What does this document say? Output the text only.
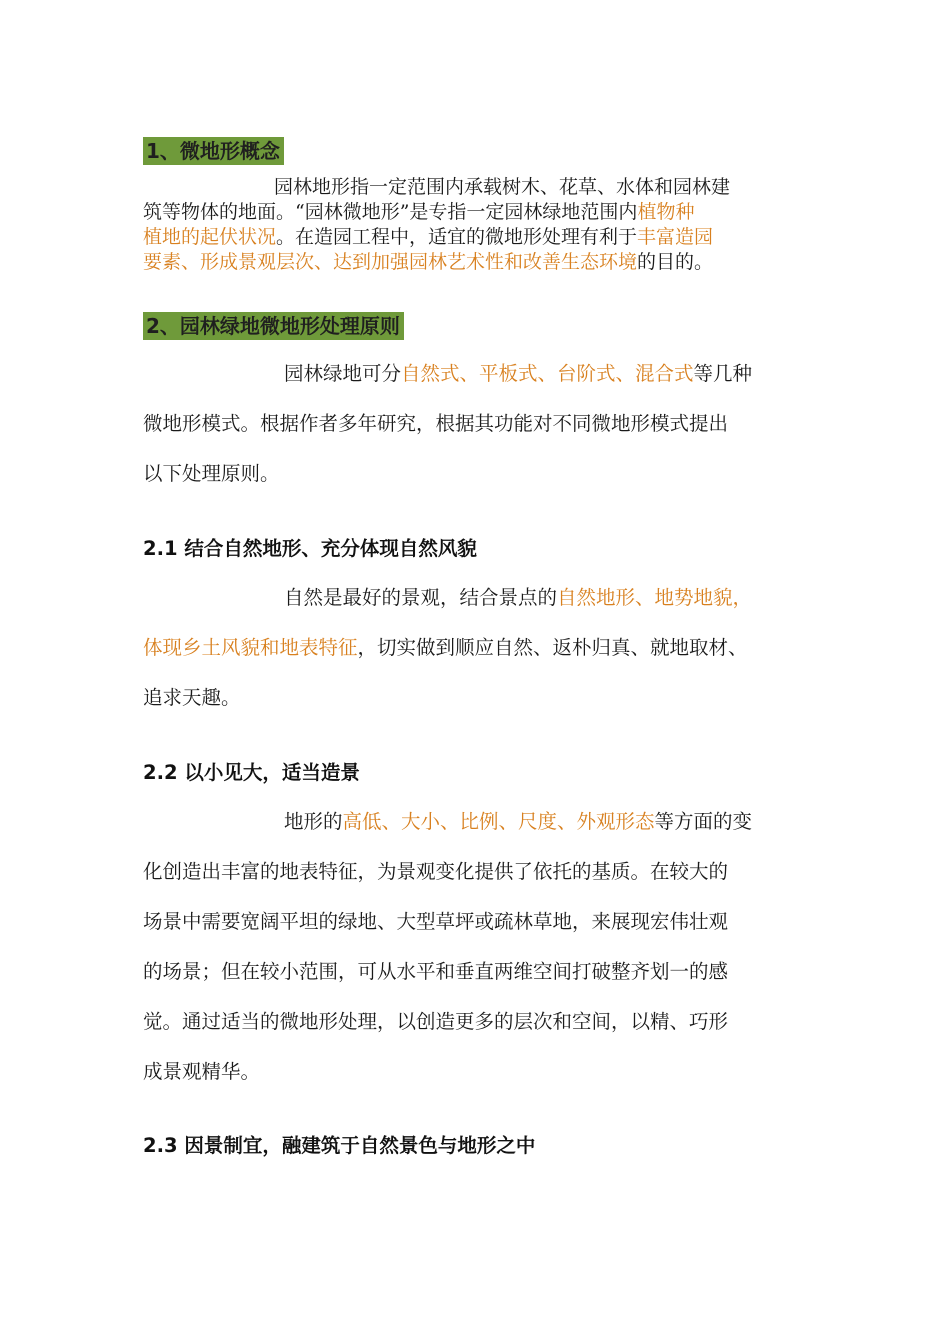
1、微地形概念
园林地形指一定范围内承载树木、花草、水体和园林建
筑等物体的地面。“园林微地形”是专指一定园林绿地范围内植物种
植地的起伏状况。在造园工程中，适宜的微地形处理有利于丰富造园
要素、形成景观层次、达到加强园林艺术性和改善生态环境的目的。
2、园林绿地微地形处理原则
园林绿地可分自然式、平板式、台阶式、混合式等几种
微地形模式。根据作者多年研究，根据其功能对不同微地形模式提出
以下处理原则。
2.1 结合自然地形、充分体现自然风貌
自然是最好的景观，结合景点的自然地形、地势地貌，
体现乡土风貌和地表特征，切实做到顺应自然、返朴归真、就地取材、
追求天趣。
2.2 以小见大，适当造景
地形的高低、大小、比例、尺度、外观形态等方面的变
化创造出丰富的地表特征，为景观变化提供了依托的基质。在较大的
场景中需要宽阔平坦的绿地、大型草坪或疏林草地，来展现宏伟壮观
的场景；但在较小范围，可从水平和垂直两维空间打破整齐划一的感
觉。通过适当的微地形处理，以创造更多的层次和空间，以精、巧形
成景观精华。
2.3 因景制宜，融建筑于自然景色与地形之中
